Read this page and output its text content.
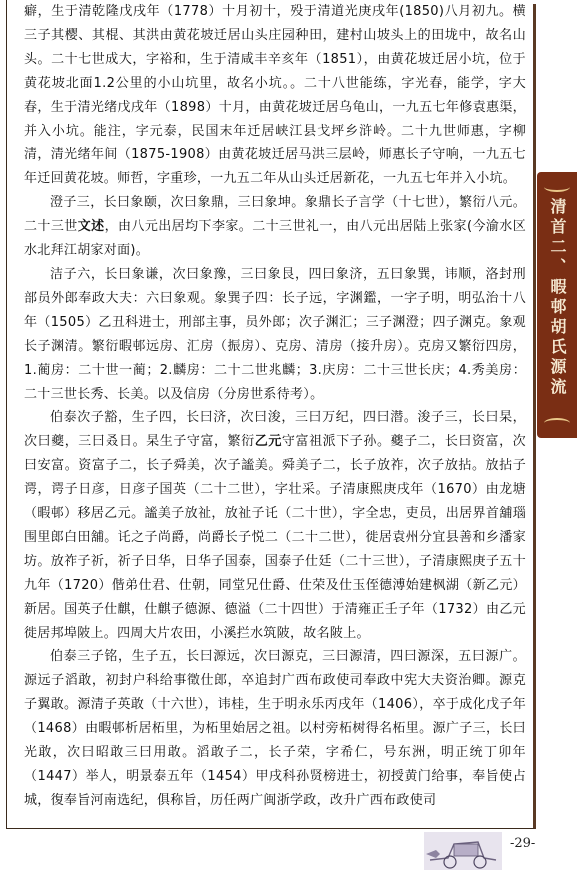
癖，生于清乾隆戊戌年（1778）十月初十，殁于清道光庚戌年(1850)八月初九。横三子其樱、其棍、其洪由黄花坡迁居山头庄园种田，建村山坡头上的田垅中，故名山头。二十七世成大，字裕和，生于清咸丰辛亥年（1851），由黄花坡迁居小坑，位于黄花坡北面1.2公里的小山坑里，故名小坑。。二十八世能练，字光春，能学，字大春，生于清光绪戊戌年（1898）十月，由黄花坡迁居乌龟山，一九五七年修袁惠渠，并入小坑。能注，字元泰，民国末年迁居峡江县戈坪乡浒岭。二十九世师惠，字柳清，清光绪年间（1875-1908）由黄花坡迁居马洪三层岭，师惠长子守响，一九五七年迁回黄花坡。师哲，字重珍，一九五二年从山头迁居新花，一九五七年并入小坑。

澄子三，长曰象颐，次曰象鼎，三曰象坤。象鼎长子言学（十七世），繁衍八元。二十三世文述，由八元出居均下李家。二十三世礼一，由八元出居陆上张家(今渝水区水北拜江胡家对面)。

洁子六，长曰象谦，次曰象豫，三曰象艮，四曰象济，五曰象巽，讳顺，洛封刑部员外郎奉政大夫：六曰象观。象巽子四：长子远，字渊鑑，一字子明，明弘治十八年（1505）乙丑科进士，刑部主事，员外郎；次子渊汇；三子渊澄；四子渊克。象观长子渊清。繁衍暇邨远房、汇房（振房）、克房、清房（接升房）。克房又繁衍四房，1.蔺房：二十世一蔺；2.麟房：二十二世兆麟；3.庆房：二十三世长庆；4.秀美房：二十三世长秀、长美。以及信房（分房世系待考）。

伯泰次子豁，生子四，长曰济，次曰浚，三曰万纪，四曰潜。浚子三，长曰杲，次曰夔，三曰叒日。杲生子守富，繁衍乙元守富祖派下子孙。夔子二，长曰资富，次曰安富。资富子二，长子舜美，次子謐美。舜美子二，长子放祚，次子放拈。放拈子谔，谔子日彦，日彦子国英（二十二世），字壮采。子清康熙庚戌年（1670）由龙塘（暇邨）移居乙元。謐美子放祉，放祉子讬（二十世），字全忠，吏员，出居界首舖瑙围里郎白田舖。讬之子尚爵，尚爵长子悦二（二十二世），徙居袁州分宜县善和乡潘家坊。放祚子祈，祈子日华，日华子国泰，国泰子仕廷（二十三世），子清康熙庚子五十九年（1720）偕弟仕君、仕朝，同堂兄仕爵、仕荣及仕玉侄德溥始建枫湖（新乙元）新居。国英子仕麒，仕麒子德源、德溢（二十四世）于清雍正壬子年（1732）由乙元徙居邦埠陂上。四周大片农田，小溪拦水筑陂，故名陂上。

伯泰三子铭，生子五，长曰源远，次曰源克，三曰源清，四曰源深，五曰源广。源远子滔敢，初封户科给事徵仕郎，卒追封广西布政使司奉政中宪大夫资治卿。源克子翼敢。源清子英敢（十六世），讳桂，生于明永乐丙戌年（1406），卒于成化戊子年（1468）由暇邨析居柘里，为柘里始居之祖。以村旁柘树得名柘里。源广子三，长曰光敢，次曰昭敢三曰用敢。滔敢子二，长子荣，字希仁，号东洲，明正统丁卯年（1447）举人，明景泰五年（1454）甲戌科孙贤榜进士，初授黄门给事，奉旨使占城，復奉旨河南选纪，俱称旨，历任两广闽浙学政，改升广西布政使司

清首二、暇邨胡氏源流
-29-
